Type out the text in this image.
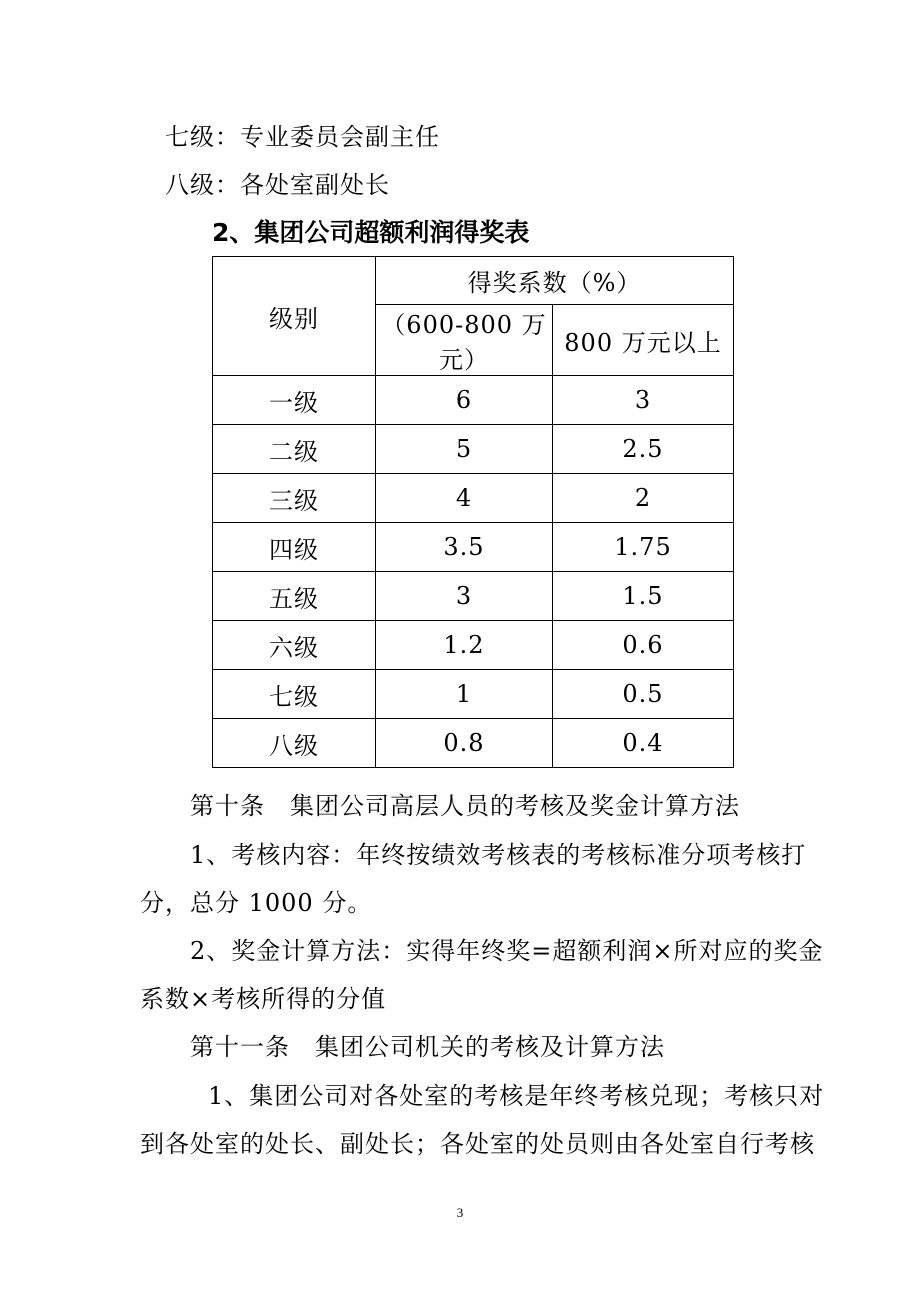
七级：专业委员会副主任
八级：各处室副处长
2、集团公司超额利润得奖表
级别	得奖系数（%）	
	（600-800 万元）	800 万元以上
一级	6	3
二级	5	2.5
三级	4	2
四级	3.5	1.75
五级	3	1.5
六级	1.2	0.6
七级	1	0.5
八级	0.8	0.4
第十条　集团公司高层人员的考核及奖金计算方法
1、考核内容：年终按绩效考核表的考核标准分项考核打
分，总分 1000 分。
2、奖金计算方法：实得年终奖=超额利润×所对应的奖金
系数×考核所得的分值
第十一条　集团公司机关的考核及计算方法
1、集团公司对各处室的考核是年终考核兑现；考核只对
到各处室的处长、副处长；各处室的处员则由各处室自行考核
3
